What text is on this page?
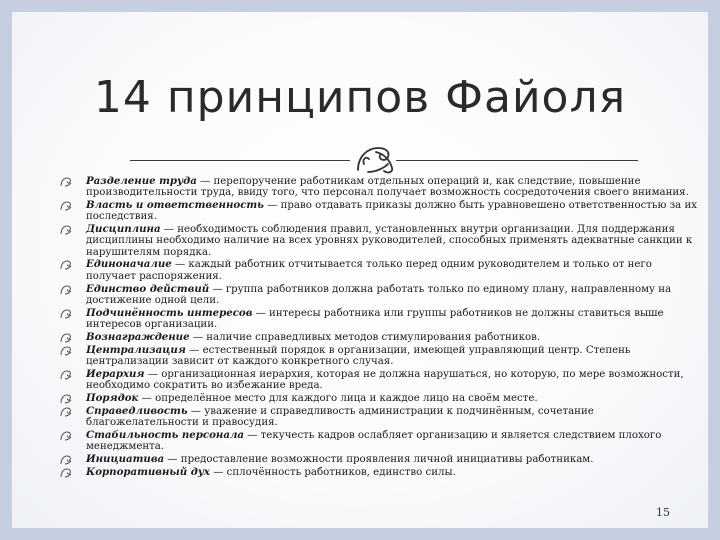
14 принципов Файоля
Разделение труда — перепоручение работникам отдельных операций и, как следствие, повышение производительности труда, ввиду того, что персонал получает возможность сосредоточения своего внимания.
Власть и ответственность — право отдавать приказы должно быть уравновешено ответственностью за их последствия.
Дисциплина — необходимость соблюдения правил, установленных внутри организации. Для поддержания дисциплины необходимо наличие на всех уровнях руководителей, способных применять адекватные санкции к нарушителям порядка.
Единоначалие — каждый работник отчитывается только перед одним руководителем и только от него получает распоряжения.
Единство действий — группа работников должна работать только по единому плану, направленному на достижение одной цели.
Подчинённость интересов — интересы работника или группы работников не должны ставиться выше интересов организации.
Вознаграждение — наличие справедливых методов стимулирования работников.
Централизация — естественный порядок в организации, имеющей управляющий центр. Степень централизации зависит от каждого конкретного случая.
Иерархия — организационная иерархия, которая не должна нарушаться, но которую, по мере возможности, необходимо сократить во избежание вреда.
Порядок — определённое место для каждого лица и каждое лицо на своём месте.
Справедливость — уважение и справедливость администрации к подчинённым, сочетание благожелательности и правосудия.
Стабильность персонала — текучесть кадров ослабляет организацию и является следствием плохого менеджмента.
Инициатива — предоставление возможности проявления личной инициативы работникам.
Корпоративный дух — сплочённость работников, единство силы.
15
